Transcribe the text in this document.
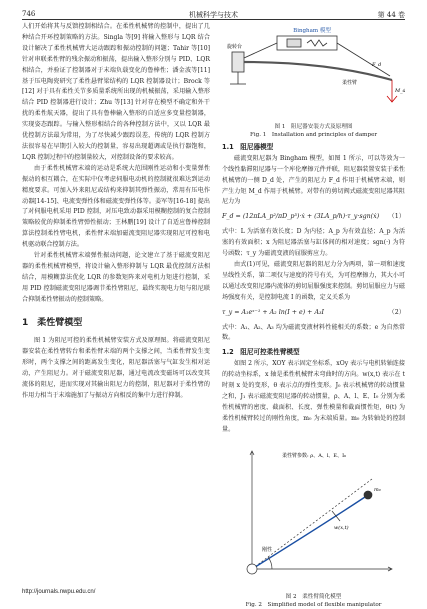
746	机械科学与技术	第 44 卷

人们开始将其与反馈控制相结合。在柔性机械臂的控制中，提出了几种结合开环控制策略的方法。Singla 等[9] 将输入整形与 LQR 结合设计解决了柔性机械臂大运动跟踪和振动控制的问题；Tahir 等[10] 针对串联柔性臂的残余振动和振荡，提出输入整形分别与 PID、LQR 相结合，并验证了控制器对于末端负载变化的鲁棒性；潘金波等[11] 基于压电陶瓷研究了柔性悬臂梁结构的 LQR 控制器设计；Brock 等[12] 对于具有柔性关节多质量系统所出现的机械振荡，采用输入整形结合 PID 控制器进行设计；Zhu 等[13] 针对存在模型不确定和外干扰的柔性航天器，提出了具有鲁棒输入整形的自适应多变量控制器，实现姿态跟踪。与输入整形相结合的各种控制方法中，又以 LQR 最优控制方法最为常用，为了尽快减少跟踪误差，传统的 LQR 控制方法很容易在早期引入较大的控制量，容易出现超调或是执行器饱和，LQR 控制过程中的控制量较大，对控制设备的要求较高。

由于柔性机械臂末端的运动是系统大范围刚性运动和小变量弹性振动的相互耦合，在实际中仅考虑伺服电动机的控制就很难达到运动精度要求。可加入外来阻尼或结构来抑制其弹性振动，常用有压电作动器[14-15]、电流变弹性体和磁流变弹性体等。姜军等[16-18] 提出了对伺服电机采用 PID 控制，对压电致动器采用模糊控制的复合控制策略较优的抑制柔性臂弹性振动；王林鹏[19] 设计了自适应鲁棒控制算法控制柔性臂电机，柔性臂末端加磁流变阻尼器实现阻尼可控和电机驱动联合控制方法。

针对柔性机械臂末端弹性振动问题，论文建立了基于磁流变阻尼器的柔性机械臂模型，将设计输入整形抑制与 LQR 最优控制方法相结合，用模糊算法优化 LQR 的参数矩阵来对电机力矩进行控制，采用 PID 控制磁流变阻尼器调节柔性臂阻尼，最终实现电力矩与阻尼联合抑制柔性臂振动的控制策略。

1　柔性臂模型

图 1 为阻尼可控的柔性机械臂安装方式及原理图。将磁流变阻尼器安装在柔性臂转台和柔性臂末端的两个支撑之间，当柔性臂发生变形时，两个支撑之间的距离发生变化，阻尼器活塞与气缸发生相对运动，产生阻尼力。对于磁流变阻尼器，通过电流改变磁场可以改变其流体的阻尼，进而实现对其输出阻尼力的控制，阻尼器对于柔性臂的作用力相当于末端施加了与振动方向相反的集中力进行抑制。

Bingham 模型
旋转台
柔性臂
F_d
M_d
图 1　阻尼器安装方式及原理图
Fig. 1　Installation and principles of damper
1.1　阻尼器模型

磁流变阻尼器为 Bingham 模型，如图 1 所示，可以等效为一个线性黏滞阻尼器与一个库伦摩擦元件并联，阻尼器装置安装于柔性机械臂的一侧 D_d 处，产生的阻尼力 F_d 作用于机械臂末端，则产生力矩 M_d 作用于机械臂。对带有的剪切阀式磁流变阻尼器其阻尼力为

F_d = (12πLA_p²/πD_p³)·ẋ + (3LA_p/h)·τ_y·sgn(ẋ) （1）

式中：L 为活塞有效长度；D 为内径；A_p 为有效直径；A_p 为活塞的有效面积；x 为阻尼器活塞与缸体间的相对速度；sgn(·) 为符号函数；τ_y 为磁流变液的屈服剪应力。

由式(1)可见，磁流变阻尼器的阻尼力分为两项，第一项和速度呈线性关系，第二项仅与速度的符号有关，为可控摩擦力，其大小可以通过改变阻尼器内流体的剪切屈服强度来控制。剪切屈服应力与磁场强度有关，是控制电流 I 的函数，定义关系为

τ_y = A₁eˣ⁻¹ + A₂ ln(I + e) + A₃I	（2）

式中：A₁、A₂、A₃ 均为磁流变液材料性能相关的系数；e 为自然常数。

1.2　阻尼可控柔性臂模型

如图 2 所示，XOY 表示固定坐标系，xOy 表示与电机转轴连接的转动坐标系，x 轴是柔性机械臂未弯曲时的方向。w(x,t) 表示在 t 时刻 x 处的变形，θ 表示点的弹性变形。J₀ 表示机械臂的转动惯量之和，J₁ 表示磁流变阻尼器的转动惯量，ρ、A、l、E、I₀ 分别为柔性机械臂的密度、截面积、长度、弹性模量和截面惯性矩，θ(t) 为柔性机械臂转过的刚性角度，m₀ 为末端质量。m₀ 为转轴处的控制量。

柔性臂参数: ρ、A、l、E、I₀
刚性
w(x,t)
m₀
图 2　柔性臂简化模型
Fig. 2　Simplified model of flexible manipulator
http://journals.nwpu.edu.cn/
